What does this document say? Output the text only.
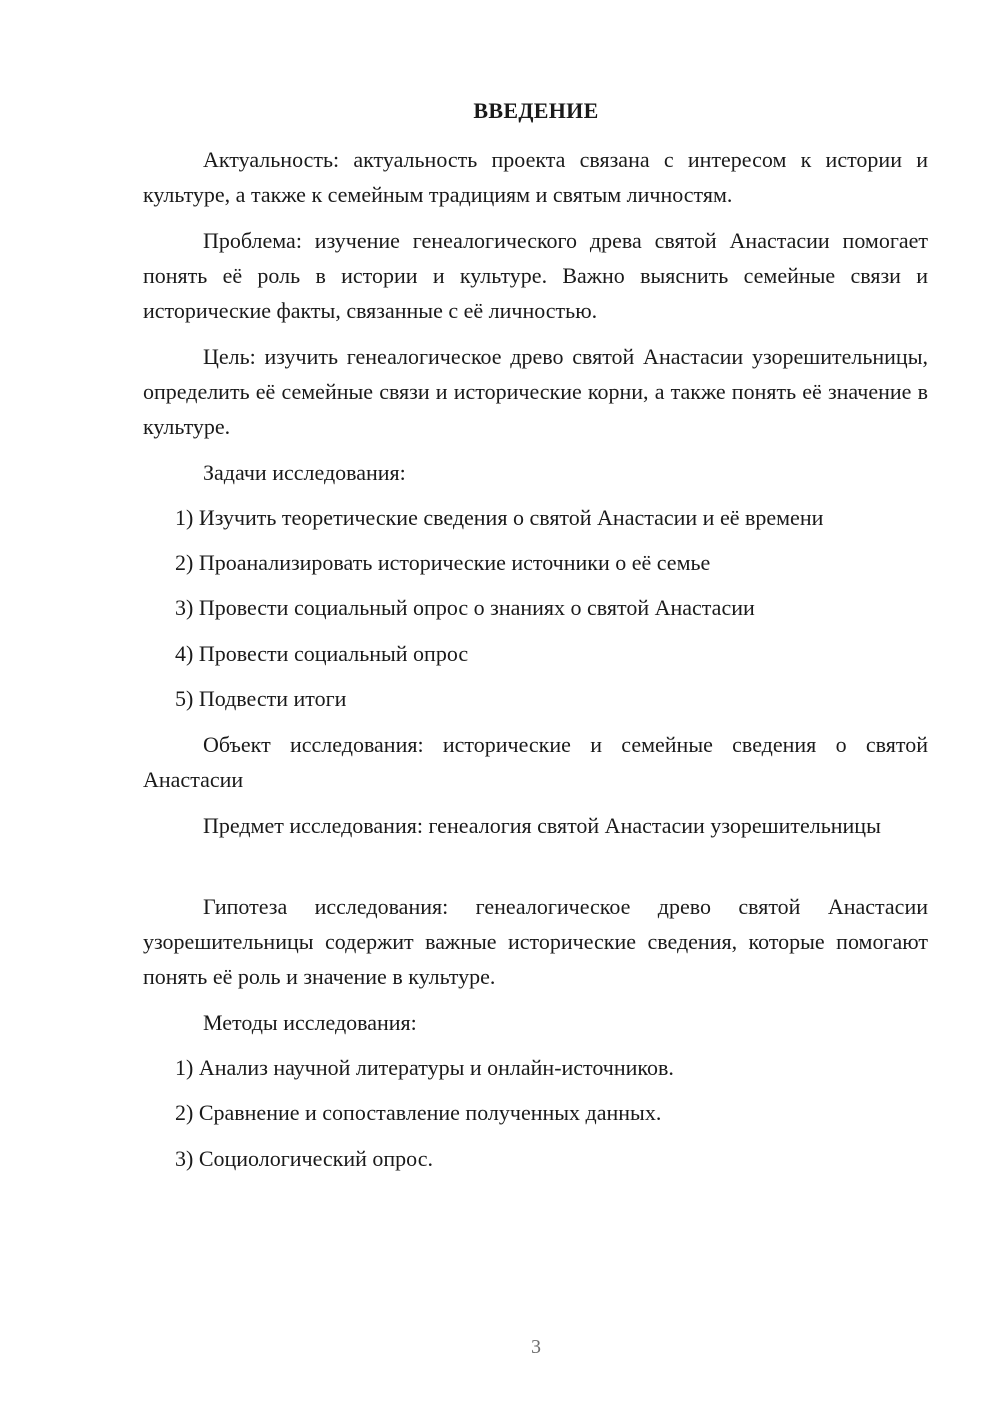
ВВЕДЕНИЕ

Актуальность: актуальность проекта связана с интересом к истории и культуре, а также к семейным традициям и святым личностям.

Проблема: изучение генеалогического древа святой Анастасии помогает понять её роль в истории и культуре. Важно выяснить семейные связи и исторические факты, связанные с её личностью.

Цель: изучить генеалогическое древо святой Анастасии узорешительницы, определить её семейные связи и исторические корни, а также понять её значение в культуре.

Задачи исследования:

1) Изучить теоретические сведения о святой Анастасии и её времени

2) Проанализировать исторические источники о её семье

3) Провести социальный опрос о знаниях о святой Анастасии

4) Провести социальный опрос

5) Подвести итоги

Объект исследования: исторические и семейные сведения о святой Анастасии

Предмет исследования: генеалогия святой Анастасии узорешительницы

Гипотеза исследования: генеалогическое древо святой Анастасии узорешительницы содержит важные исторические сведения, которые помогают понять её роль и значение в культуре.

Методы исследования:

1) Анализ научной литературы и онлайн-источников.

2) Сравнение и сопоставление полученных данных.

3) Социологический опрос.

3
